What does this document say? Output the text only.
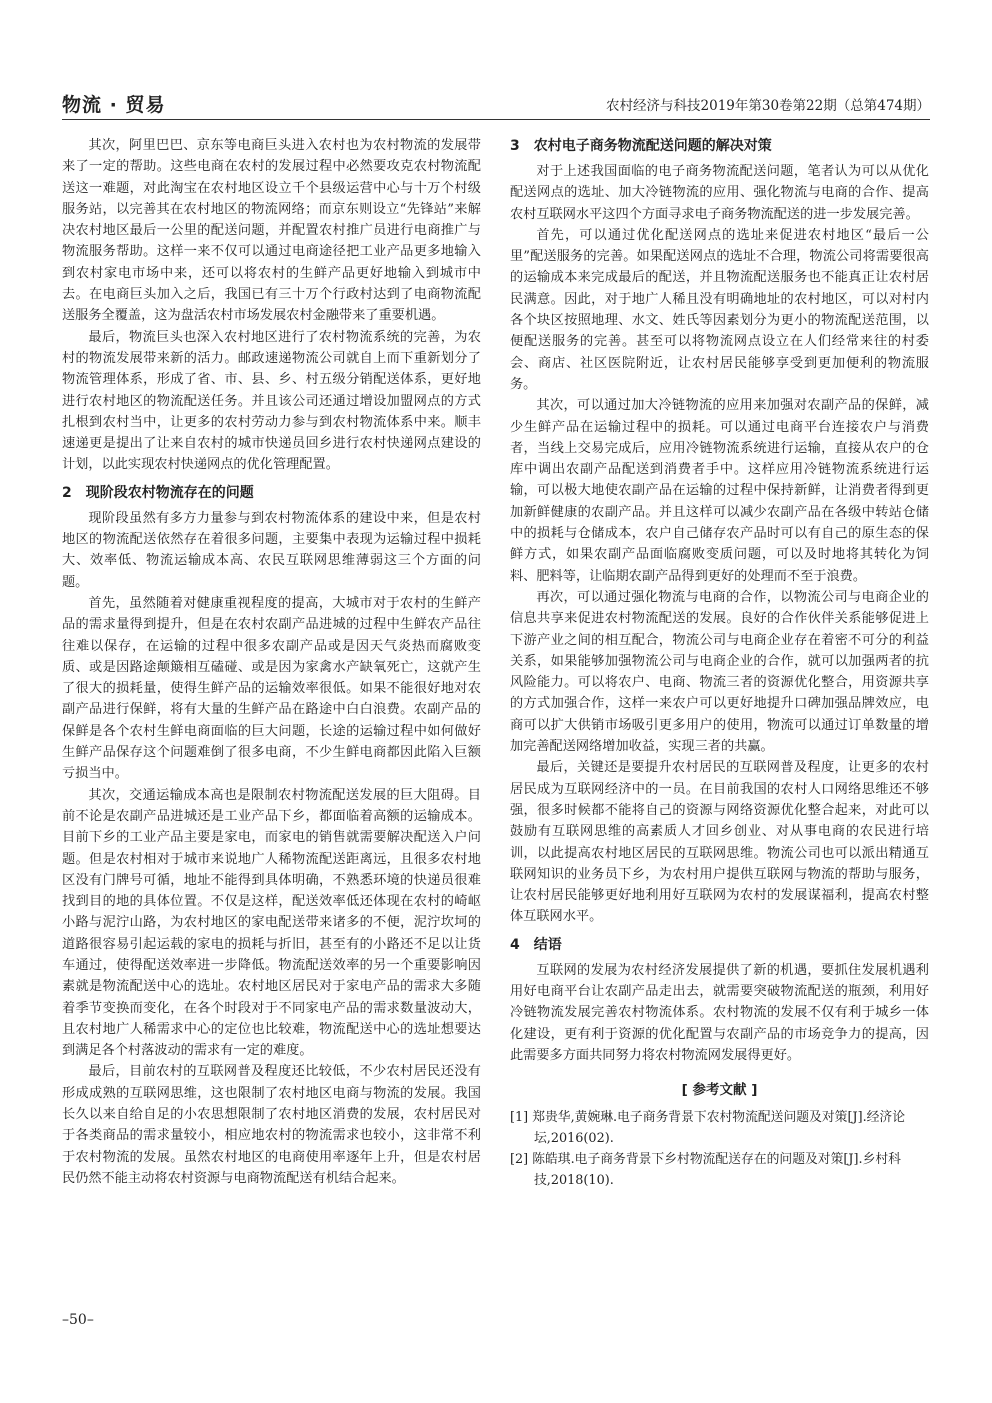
物流 · 贸易	农村经济与科技2019年第30卷第22期（总第474期）

其次，阿里巴巴、京东等电商巨头进入农村也为农村物流的发展带来了一定的帮助。这些电商在农村的发展过程中必然要攻克农村物流配送这一难题，对此淘宝在农村地区设立千个县级运营中心与十万个村级服务站，以完善其在农村地区的物流网络；而京东则设立“先锋站”来解决农村地区最后一公里的配送问题，并配置农村推广员进行电商推广与物流服务帮助。这样一来不仅可以通过电商途径把工业产品更多地输入到农村家电市场中来，还可以将农村的生鲜产品更好地输入到城市中去。在电商巨头加入之后，我国已有三十万个行政村达到了电商物流配送服务全覆盖，这为盘活农村市场发展农村金融带来了重要机遇。

最后，物流巨头也深入农村地区进行了农村物流系统的完善，为农村的物流发展带来新的活力。邮政速递物流公司就自上而下重新划分了物流管理体系，形成了省、市、县、乡、村五级分销配送体系，更好地进行农村地区的物流配送任务。并且该公司还通过增设加盟网点的方式扎根到农村当中，让更多的农村劳动力参与到农村物流体系中来。顺丰速递更是提出了让来自农村的城市快递员回乡进行农村快递网点建设的计划，以此实现农村快递网点的优化管理配置。

2　现阶段农村物流存在的问题

现阶段虽然有多方力量参与到农村物流体系的建设中来，但是农村地区的物流配送依然存在着很多问题，主要集中表现为运输过程中损耗大、效率低、物流运输成本高、农民互联网思维薄弱这三个方面的问题。

首先，虽然随着对健康重视程度的提高，大城市对于农村的生鲜产品的需求量得到提升，但是在农村农副产品进城的过程中生鲜农产品往往难以保存，在运输的过程中很多农副产品或是因天气炎热而腐败变质、或是因路途颠簸相互磕碰、或是因为家禽水产缺氧死亡，这就产生了很大的损耗量，使得生鲜产品的运输效率很低。如果不能很好地对农副产品进行保鲜，将有大量的生鲜产品在路途中白白浪费。农副产品的保鲜是各个农村生鲜电商面临的巨大问题，长途的运输过程中如何做好生鲜产品保存这个问题难倒了很多电商，不少生鲜电商都因此陷入巨额亏损当中。

其次，交通运输成本高也是限制农村物流配送发展的巨大阻碍。目前不论是农副产品进城还是工业产品下乡，都面临着高额的运输成本。目前下乡的工业产品主要是家电，而家电的销售就需要解决配送入户问题。但是农村相对于城市来说地广人稀物流配送距离远，且很多农村地区没有门牌号可循，地址不能得到具体明确，不熟悉环境的快递员很难找到目的地的具体位置。不仅是这样，配送效率低还体现在农村的崎岖小路与泥泞山路，为农村地区的家电配送带来诸多的不便，泥泞坎坷的道路很容易引起运载的家电的损耗与折旧，甚至有的小路还不足以让货车通过，使得配送效率进一步降低。物流配送效率的另一个重要影响因素就是物流配送中心的选址。农村地区居民对于家电产品的需求大多随着季节变换而变化，在各个时段对于不同家电产品的需求数量波动大，且农村地广人稀需求中心的定位也比较难，物流配送中心的选址想要达到满足各个村落波动的需求有一定的难度。

最后，目前农村的互联网普及程度还比较低，不少农村居民还没有形成成熟的互联网思维，这也限制了农村地区电商与物流的发展。我国长久以来自给自足的小农思想限制了农村地区消费的发展，农村居民对于各类商品的需求量较小，相应地农村的物流需求也较小，这非常不利于农村物流的发展。虽然农村地区的电商使用率逐年上升，但是农村居民仍然不能主动将农村资源与电商物流配送有机结合起来。

3　农村电子商务物流配送问题的解决对策

对于上述我国面临的电子商务物流配送问题，笔者认为可以从优化配送网点的选址、加大冷链物流的应用、强化物流与电商的合作、提高农村互联网水平这四个方面寻求电子商务物流配送的进一步发展完善。

首先，可以通过优化配送网点的选址来促进农村地区“最后一公里”配送服务的完善。如果配送网点的选址不合理，物流公司将需要很高的运输成本来完成最后的配送，并且物流配送服务也不能真正让农村居民满意。因此，对于地广人稀且没有明确地址的农村地区，可以对村内各个块区按照地理、水文、姓氏等因素划分为更小的物流配送范围，以便配送服务的完善。甚至可以将物流网点设立在人们经常来往的村委会、商店、社区医院附近，让农村居民能够享受到更加便利的物流服务。

其次，可以通过加大冷链物流的应用来加强对农副产品的保鲜，减少生鲜产品在运输过程中的损耗。可以通过电商平台连接农户与消费者，当线上交易完成后，应用冷链物流系统进行运输，直接从农户的仓库中调出农副产品配送到消费者手中。这样应用冷链物流系统进行运输，可以极大地使农副产品在运输的过程中保持新鲜，让消费者得到更加新鲜健康的农副产品。并且这样可以减少农副产品在各级中转站仓储中的损耗与仓储成本，农户自己储存农产品时可以有自己的原生态的保鲜方式，如果农副产品面临腐败变质问题，可以及时地将其转化为饲料、肥料等，让临期农副产品得到更好的处理而不至于浪费。

再次，可以通过强化物流与电商的合作，以物流公司与电商企业的信息共享来促进农村物流配送的发展。良好的合作伙伴关系能够促进上下游产业之间的相互配合，物流公司与电商企业存在着密不可分的利益关系，如果能够加强物流公司与电商企业的合作，就可以加强两者的抗风险能力。可以将农户、电商、物流三者的资源优化整合，用资源共享的方式加强合作，这样一来农户可以更好地提升口碑加强品牌效应，电商可以扩大供销市场吸引更多用户的使用，物流可以通过订单数量的增加完善配送网络增加收益，实现三者的共赢。

最后，关键还是要提升农村居民的互联网普及程度，让更多的农村居民成为互联网经济中的一员。在目前我国的农村人口网络思维还不够强，很多时候都不能将自己的资源与网络资源优化整合起来，对此可以鼓励有互联网思维的高素质人才回乡创业、对从事电商的农民进行培训，以此提高农村地区居民的互联网思维。物流公司也可以派出精通互联网知识的业务员下乡，为农村用户提供互联网与物流的帮助与服务，让农村居民能够更好地利用好互联网为农村的发展谋福利，提高农村整体互联网水平。

4　结语

互联网的发展为农村经济发展提供了新的机遇，要抓住发展机遇利用好电商平台让农副产品走出去，就需要突破物流配送的瓶颈，利用好冷链物流发展完善农村物流体系。农村物流的发展不仅有利于城乡一体化建设，更有利于资源的优化配置与农副产品的市场竞争力的提高，因此需要多方面共同努力将农村物流网发展得更好。

[ 参考文献 ]
[1] 郑贵华,黄婉琳.电子商务背景下农村物流配送问题及对策[J].经济论坛,2016(02).
[2] 陈皓琪.电子商务背景下乡村物流配送存在的问题及对策[J].乡村科技,2018(10).
–50–
